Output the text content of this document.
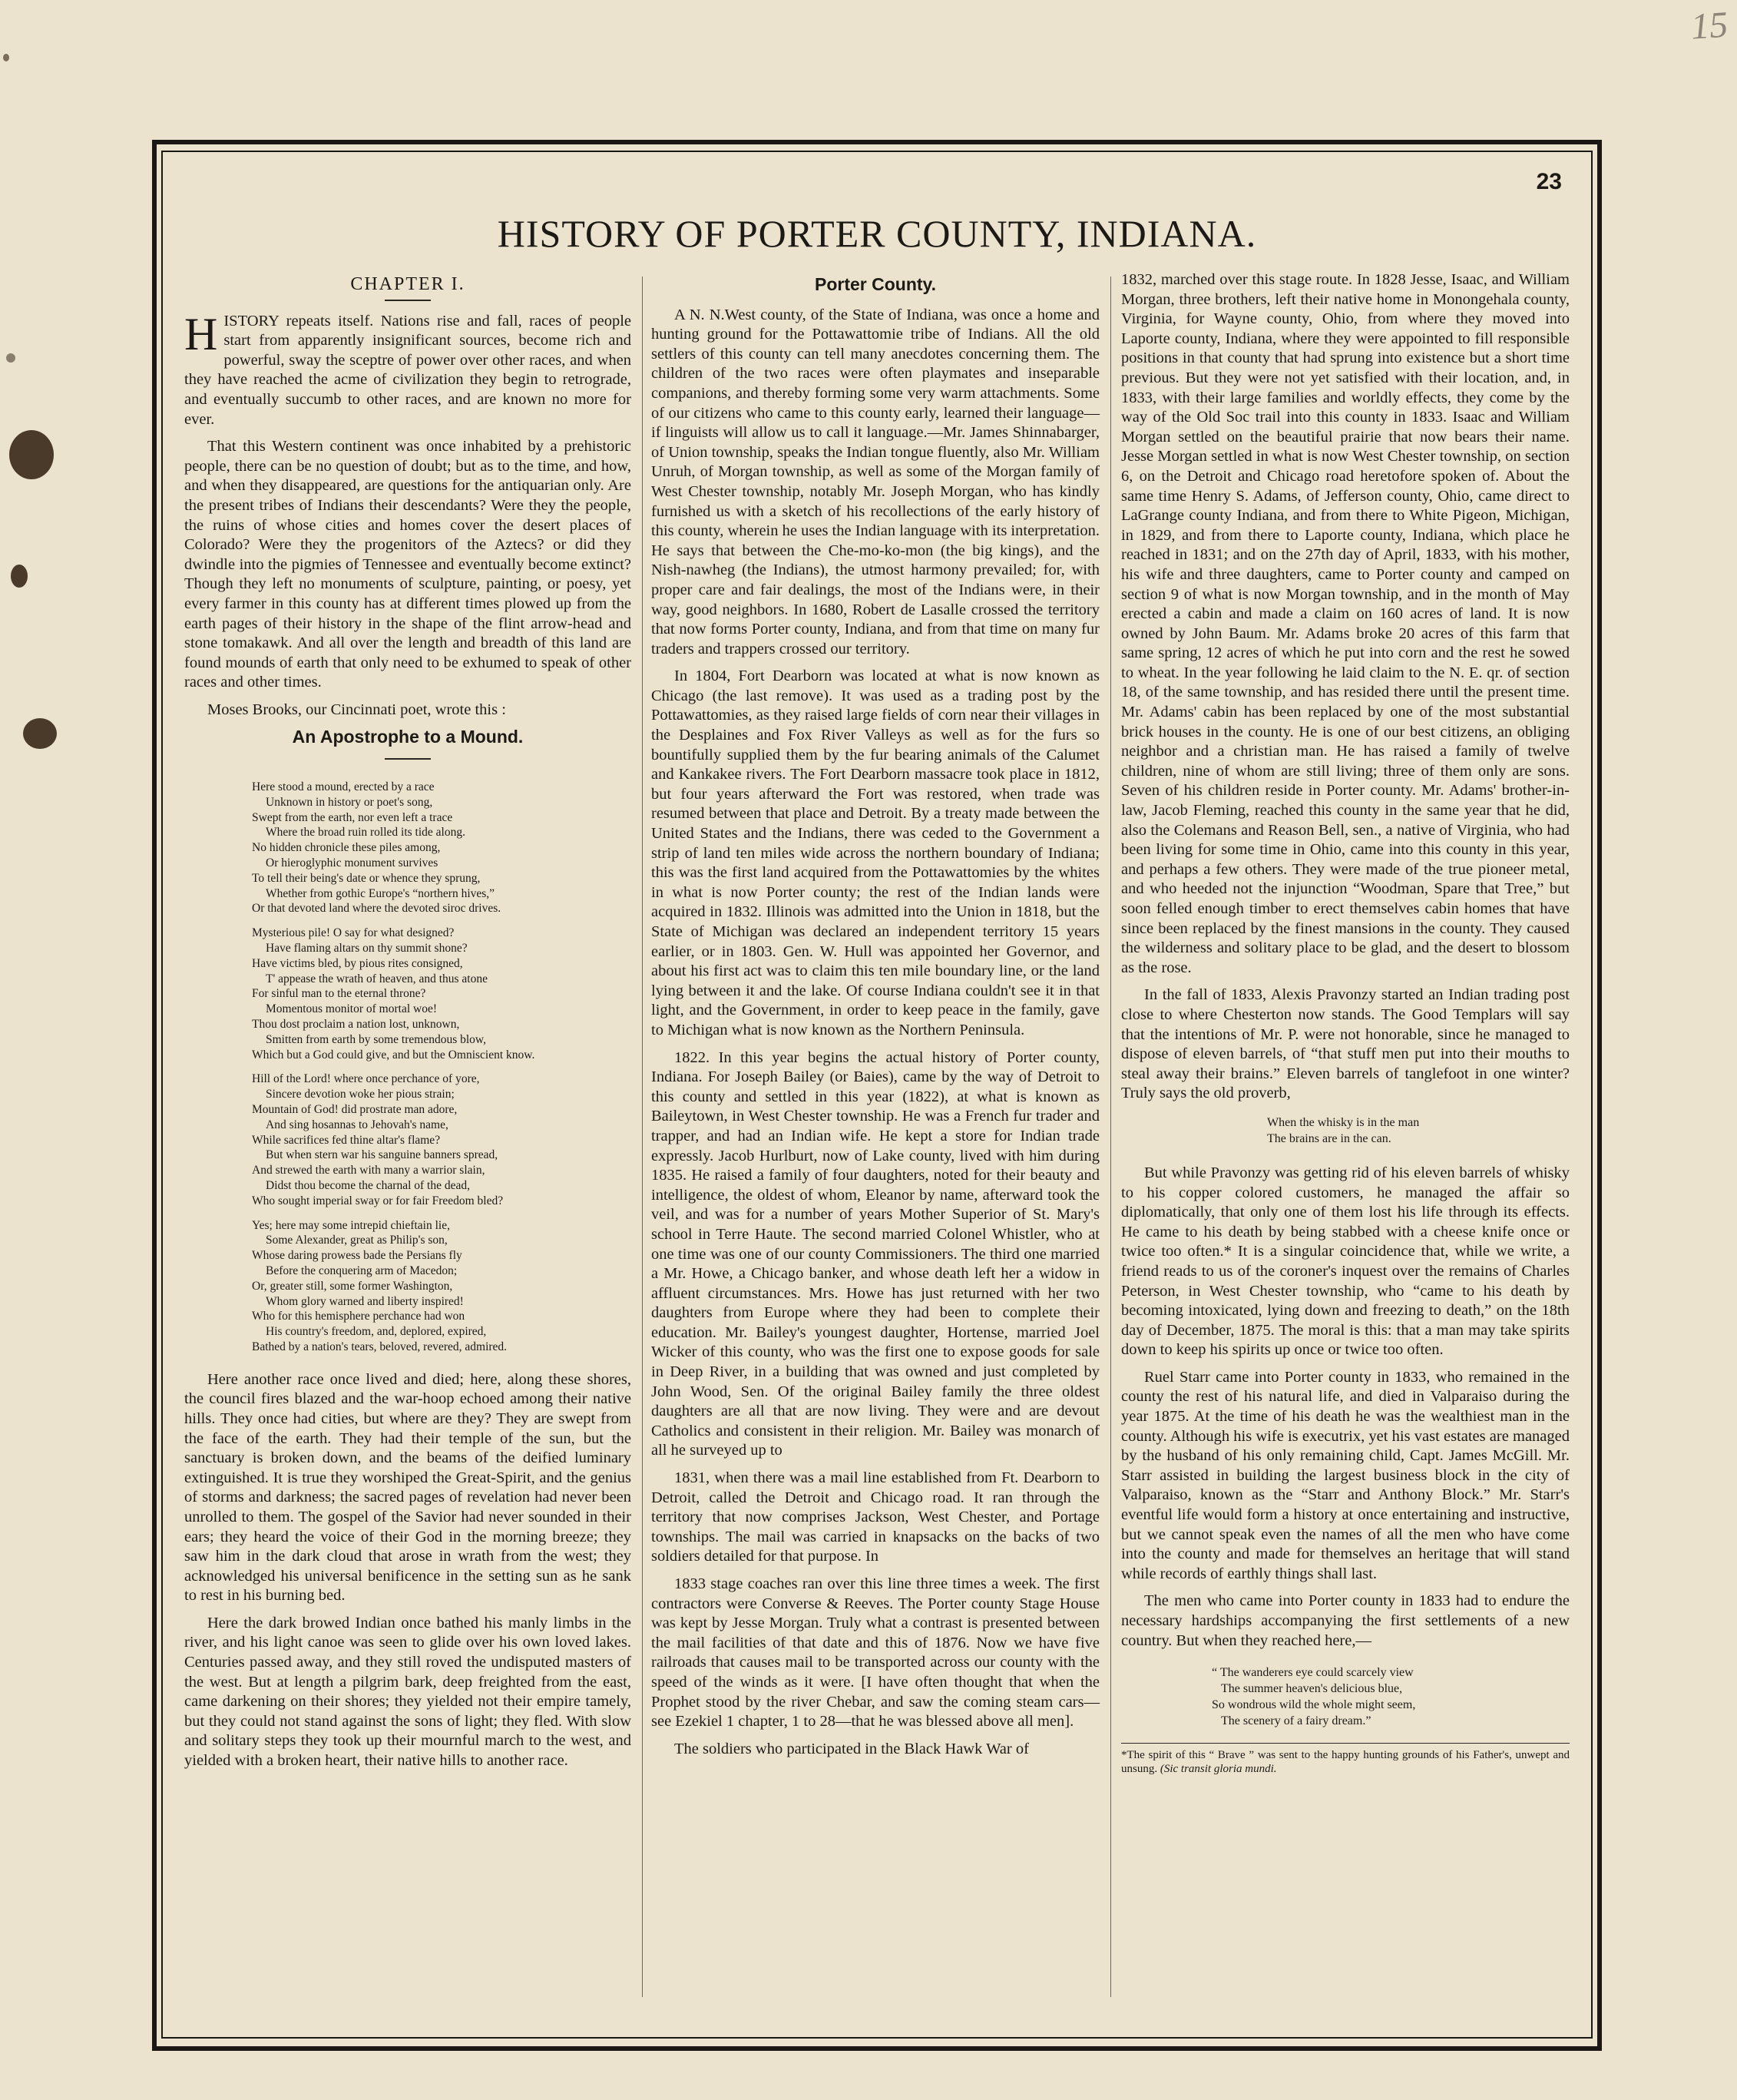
15
23
HISTORY OF PORTER COUNTY, INDIANA.
CHAPTER I.

HISTORY repeats itself. Nations rise and fall, races of people start from apparently insignificant sources, become rich and powerful, sway the sceptre of power over other races, and when they have reached the acme of civilization they begin to retrograde, and eventually succumb to other races, and are known no more for ever.

That this Western continent was once inhabited by a prehistoric people, there can be no question of doubt; but as to the time, and how, and when they disappeared, are questions for the antiquarian only. Are the present tribes of Indians their descendants? Were they the people, the ruins of whose cities and homes cover the desert places of Colorado? Were they the progenitors of the Aztecs? or did they dwindle into the pigmies of Tennessee and eventually become extinct? Though they left no monuments of sculpture, painting, or poesy, yet every farmer in this county has at different times plowed up from the earth pages of their history in the shape of the flint arrow-head and stone tomakawk. And all over the length and breadth of this land are found mounds of earth that only need to be exhumed to speak of other races and other times.

Moses Brooks, our Cincinnati poet, wrote this :

An Apostrophe to a Mound.
Here stood a mound, erected by a race
Unknown in history or poet's song,
Swept from the earth, nor even left a trace
Where the broad ruin rolled its tide along.
No hidden chronicle these piles among,
Or hieroglyphic monument survives
To tell their being's date or whence they sprung,
Whether from gothic Europe's “northern hives,”
Or that devoted land where the devoted siroc drives.
Mysterious pile! O say for what designed?
Have flaming altars on thy summit shone?
Have victims bled, by pious rites consigned,
T' appease the wrath of heaven, and thus atone
For sinful man to the eternal throne?
Momentous monitor of mortal woe!
Thou dost proclaim a nation lost, unknown,
Smitten from earth by some tremendous blow,
Which but a God could give, and but the Omniscient know.
Hill of the Lord! where once perchance of yore,
Sincere devotion woke her pious strain;
Mountain of God! did prostrate man adore,
And sing hosannas to Jehovah's name,
While sacrifices fed thine altar's flame?
But when stern war his sanguine banners spread,
And strewed the earth with many a warrior slain,
Didst thou become the charnal of the dead,
Who sought imperial sway or for fair Freedom bled?
Yes; here may some intrepid chieftain lie,
Some Alexander, great as Philip's son,
Whose daring prowess bade the Persians fly
Before the conquering arm of Macedon;
Or, greater still, some former Washington,
Whom glory warned and liberty inspired!
Who for this hemisphere perchance had won
His country's freedom, and, deplored, expired,
Bathed by a nation's tears, beloved, revered, admired.

Here another race once lived and died; here, along these shores, the council fires blazed and the war-hoop echoed among their native hills. They once had cities, but where are they? They are swept from the face of the earth. They had their temple of the sun, but the sanctuary is broken down, and the beams of the deified luminary extinguished. It is true they worshiped the Great-Spirit, and the genius of storms and darkness; the sacred pages of revelation had never been unrolled to them. The gospel of the Savior had never sounded in their ears; they heard the voice of their God in the morning breeze; they saw him in the dark cloud that arose in wrath from the west; they acknowledged his universal benificence in the setting sun as he sank to rest in his burning bed.

Here the dark browed Indian once bathed his manly limbs in the river, and his light canoe was seen to glide over his own loved lakes. Centuries passed away, and they still roved the undisputed masters of the west. But at length a pilgrim bark, deep freighted from the east, came darkening on their shores; they yielded not their empire tamely, but they could not stand against the sons of light; they fled. With slow and solitary steps they took up their mournful march to the west, and yielded with a broken heart, their native hills to another race.

Porter County.

A N. N.West county, of the State of Indiana, was once a home and hunting ground for the Pottawattomie tribe of Indians. All the old settlers of this county can tell many anecdotes concerning them. The children of the two races were often playmates and inseparable companions, and thereby forming some very warm attachments. Some of our citizens who came to this county early, learned their language—if linguists will allow us to call it language.—Mr. James Shinnabarger, of Union township, speaks the Indian tongue fluently, also Mr. William Unruh, of Morgan township, as well as some of the Morgan family of West Chester township, notably Mr. Joseph Morgan, who has kindly furnished us with a sketch of his recollections of the early history of this county, wherein he uses the Indian language with its interpretation. He says that between the Che-mo-ko-mon (the big kings), and the Nish-nawheg (the Indians), the utmost harmony prevailed; for, with proper care and fair dealings, the most of the Indians were, in their way, good neighbors. In 1680, Robert de Lasalle crossed the territory that now forms Porter county, Indiana, and from that time on many fur traders and trappers crossed our territory.

In 1804, Fort Dearborn was located at what is now known as Chicago (the last remove). It was used as a trading post by the Pottawattomies, as they raised large fields of corn near their villages in the Desplaines and Fox River Valleys as well as for the furs so bountifully supplied them by the fur bearing animals of the Calumet and Kankakee rivers. The Fort Dearborn massacre took place in 1812, but four years afterward the Fort was restored, when trade was resumed between that place and Detroit. By a treaty made between the United States and the Indians, there was ceded to the Government a strip of land ten miles wide across the northern boundary of Indiana; this was the first land acquired from the Pottawattomies by the whites in what is now Porter county; the rest of the Indian lands were acquired in 1832. Illinois was admitted into the Union in 1818, but the State of Michigan was declared an independent territory 15 years earlier, or in 1803. Gen. W. Hull was appointed her Governor, and about his first act was to claim this ten mile boundary line, or the land lying between it and the lake. Of course Indiana couldn't see it in that light, and the Government, in order to keep peace in the family, gave to Michigan what is now known as the Northern Peninsula.

1822. In this year begins the actual history of Porter county, Indiana. For Joseph Bailey (or Baies), came by the way of Detroit to this county and settled in this year (1822), at what is known as Baileytown, in West Chester township. He was a French fur trader and trapper, and had an Indian wife. He kept a store for Indian trade expressly. Jacob Hurlburt, now of Lake county, lived with him during 1835. He raised a family of four daughters, noted for their beauty and intelligence, the oldest of whom, Eleanor by name, afterward took the veil, and was for a number of years Mother Superior of St. Mary's school in Terre Haute. The second married Colonel Whistler, who at one time was one of our county Commissioners. The third one married a Mr. Howe, a Chicago banker, and whose death left her a widow in affluent circumstances. Mrs. Howe has just returned with her two daughters from Europe where they had been to complete their education. Mr. Bailey's youngest daughter, Hortense, married Joel Wicker of this county, who was the first one to expose goods for sale in Deep River, in a building that was owned and just completed by John Wood, Sen. Of the original Bailey family the three oldest daughters are all that are now living. They were and are devout Catholics and consistent in their religion. Mr. Bailey was monarch of all he surveyed up to

1831, when there was a mail line established from Ft. Dearborn to Detroit, called the Detroit and Chicago road. It ran through the territory that now comprises Jackson, West Chester, and Portage townships. The mail was carried in knapsacks on the backs of two soldiers detailed for that purpose. In

1833 stage coaches ran over this line three times a week. The first contractors were Converse & Reeves. The Porter county Stage House was kept by Jesse Morgan. Truly what a contrast is presented between the mail facilities of that date and this of 1876. Now we have five railroads that causes mail to be transported across our county with the speed of the winds as it were. [I have often thought that when the Prophet stood by the river Chebar, and saw the coming steam cars—see Ezekiel 1 chapter, 1 to 28—that he was blessed above all men].

The soldiers who participated in the Black Hawk War of

1832, marched over this stage route. In 1828 Jesse, Isaac, and William Morgan, three brothers, left their native home in Monongehala county, Virginia, for Wayne county, Ohio, from where they moved into Laporte county, Indiana, where they were appointed to fill responsible positions in that county that had sprung into existence but a short time previous. But they were not yet satisfied with their location, and, in 1833, with their large families and worldly effects, they come by the way of the Old Soc trail into this county in 1833. Isaac and William Morgan settled on the beautiful prairie that now bears their name. Jesse Morgan settled in what is now West Chester township, on section 6, on the Detroit and Chicago road heretofore spoken of. About the same time Henry S. Adams, of Jefferson county, Ohio, came direct to LaGrange county Indiana, and from there to White Pigeon, Michigan, in 1829, and from there to Laporte county, Indiana, which place he reached in 1831; and on the 27th day of April, 1833, with his mother, his wife and three daughters, came to Porter county and camped on section 9 of what is now Morgan township, and in the month of May erected a cabin and made a claim on 160 acres of land. It is now owned by John Baum. Mr. Adams broke 20 acres of this farm that same spring, 12 acres of which he put into corn and the rest he sowed to wheat. In the year following he laid claim to the N. E. qr. of section 18, of the same township, and has resided there until the present time. Mr. Adams' cabin has been replaced by one of the most substantial brick houses in the county. He is one of our best citizens, an obliging neighbor and a christian man. He has raised a family of twelve children, nine of whom are still living; three of them only are sons. Seven of his children reside in Porter county. Mr. Adams' brother-in-law, Jacob Fleming, reached this county in the same year that he did, also the Colemans and Reason Bell, sen., a native of Virginia, who had been living for some time in Ohio, came into this county in this year, and perhaps a few others. They were made of the true pioneer metal, and who heeded not the injunction “Woodman, Spare that Tree,” but soon felled enough timber to erect themselves cabin homes that have since been replaced by the finest mansions in the county. They caused the wilderness and solitary place to be glad, and the desert to blossom as the rose.

In the fall of 1833, Alexis Pravonzy started an Indian trading post close to where Chesterton now stands. The Good Templars will say that the intentions of Mr. P. were not honorable, since he managed to dispose of eleven barrels, of “that stuff men put into their mouths to steal away their brains.” Eleven barrels of tanglefoot in one winter? Truly says the old proverb,

When the whisky is in the man
The brains are in the can.

But while Pravonzy was getting rid of his eleven barrels of whisky to his copper colored customers, he managed the affair so diplomatically, that only one of them lost his life through its effects. He came to his death by being stabbed with a cheese knife once or twice too often.* It is a singular coincidence that, while we write, a friend reads to us of the coroner's inquest over the remains of Charles Peterson, in West Chester township, who “came to his death by becoming intoxicated, lying down and freezing to death,” on the 18th day of December, 1875. The moral is this: that a man may take spirits down to keep his spirits up once or twice too often.

Ruel Starr came into Porter county in 1833, who remained in the county the rest of his natural life, and died in Valparaiso during the year 1875. At the time of his death he was the wealthiest man in the county. Although his wife is executrix, yet his vast estates are managed by the husband of his only remaining child, Capt. James McGill. Mr. Starr assisted in building the largest business block in the city of Valparaiso, known as the “Starr and Anthony Block.” Mr. Starr's eventful life would form a history at once entertaining and instructive, but we cannot speak even the names of all the men who have come into the county and made for themselves an heritage that will stand while records of earthly things shall last.

The men who came into Porter county in 1833 had to endure the necessary hardships accompanying the first settlements of a new country. But when they reached here,—

“ The wanderers eye could scarcely view
The summer heaven's delicious blue,
So wondrous wild the whole might seem,
The scenery of a fairy dream.”
*The spirit of this “ Brave ” was sent to the happy hunting grounds of his Father's, unwept and unsung. (Sic transit gloria mundi.
